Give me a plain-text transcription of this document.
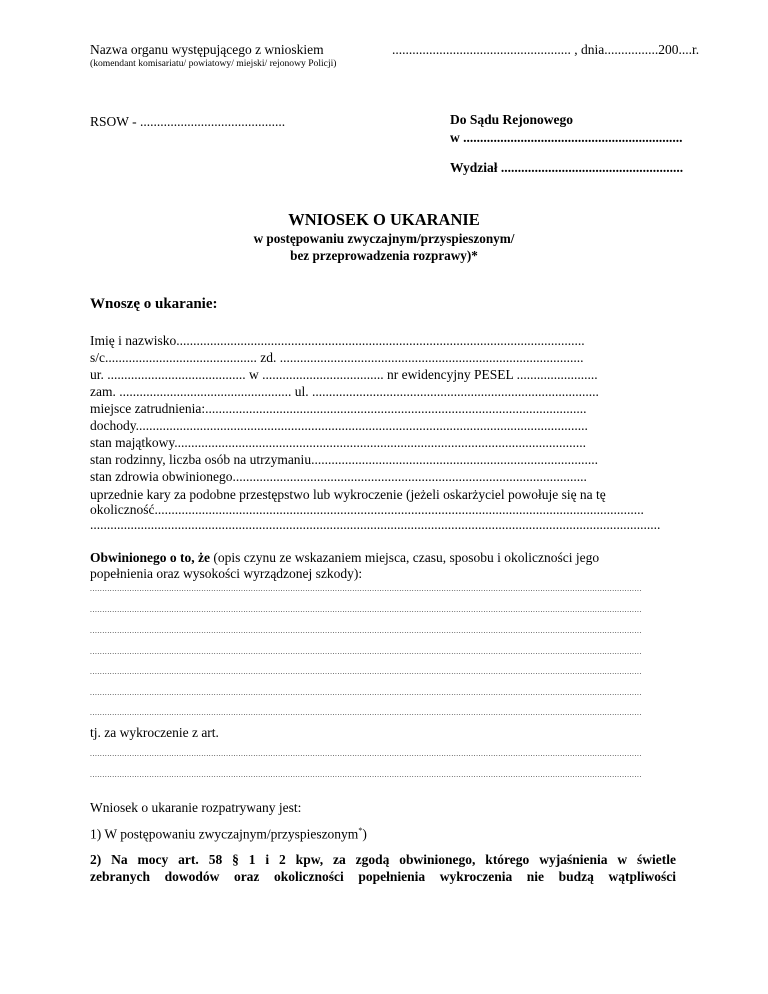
Nazwa organu występującego z wnioskiem
(komendant komisariatu/ powiatowy/ miejski/ rejonowy Policji)
..................................................... , dnia................200....r.
RSOW - ...........................................	Do Sądu Rejonowego
w .................................................................
Wydział ......................................................
WNIOSEK O UKARANIE
w postępowaniu zwyczajnym/przyspieszonym/
bez przeprowadzenia rozprawy)*
Wnoszę o ukaranie:
Imię i nazwisko.........................................................................................................................
s/c............................................. zd. ..........................................................................................
ur. ......................................... w .................................... nr ewidencyjny PESEL ........................
zam. ................................................... ul. .....................................................................................
miejsce zatrudnienia:.................................................................................................................
dochody......................................................................................................................................
stan majątkowy..........................................................................................................................
stan rodzinny, liczba osób na utrzymaniu.....................................................................................
stan zdrowia obwinionego.........................................................................................................
uprzednie kary za podobne przestępstwo lub wykroczenie (jeżeli oskarżyciel powołuje się na tę
okoliczność.................................................................................................................................................
.........................................................................................................................................................................
Obwinionego o to, że (opis czynu ze wskazaniem miejsca, czasu, sposobu i okoliczności jego
popełnienia oraz wysokości wyrządzonej szkody):
...............................................................................................................................................................................................................................
...............................................................................................................................................................................................................................
...............................................................................................................................................................................................................................
...............................................................................................................................................................................................................................
...............................................................................................................................................................................................................................
...............................................................................................................................................................................................................................
...............................................................................................................................................................................................................................
tj. za wykroczenie z art.
...............................................................................................................................................................................................................................
...............................................................................................................................................................................................................................
Wniosek o ukaranie rozpatrywany jest:
1) W postępowaniu zwyczajnym/przyspieszonym*)
2) Na mocy art. 58 § 1 i 2 kpw, za zgodą obwinionego, którego wyjaśnienia w świetle
zebranych dowodów oraz okoliczności popełnienia wykroczenia nie budzą wątpliwości
